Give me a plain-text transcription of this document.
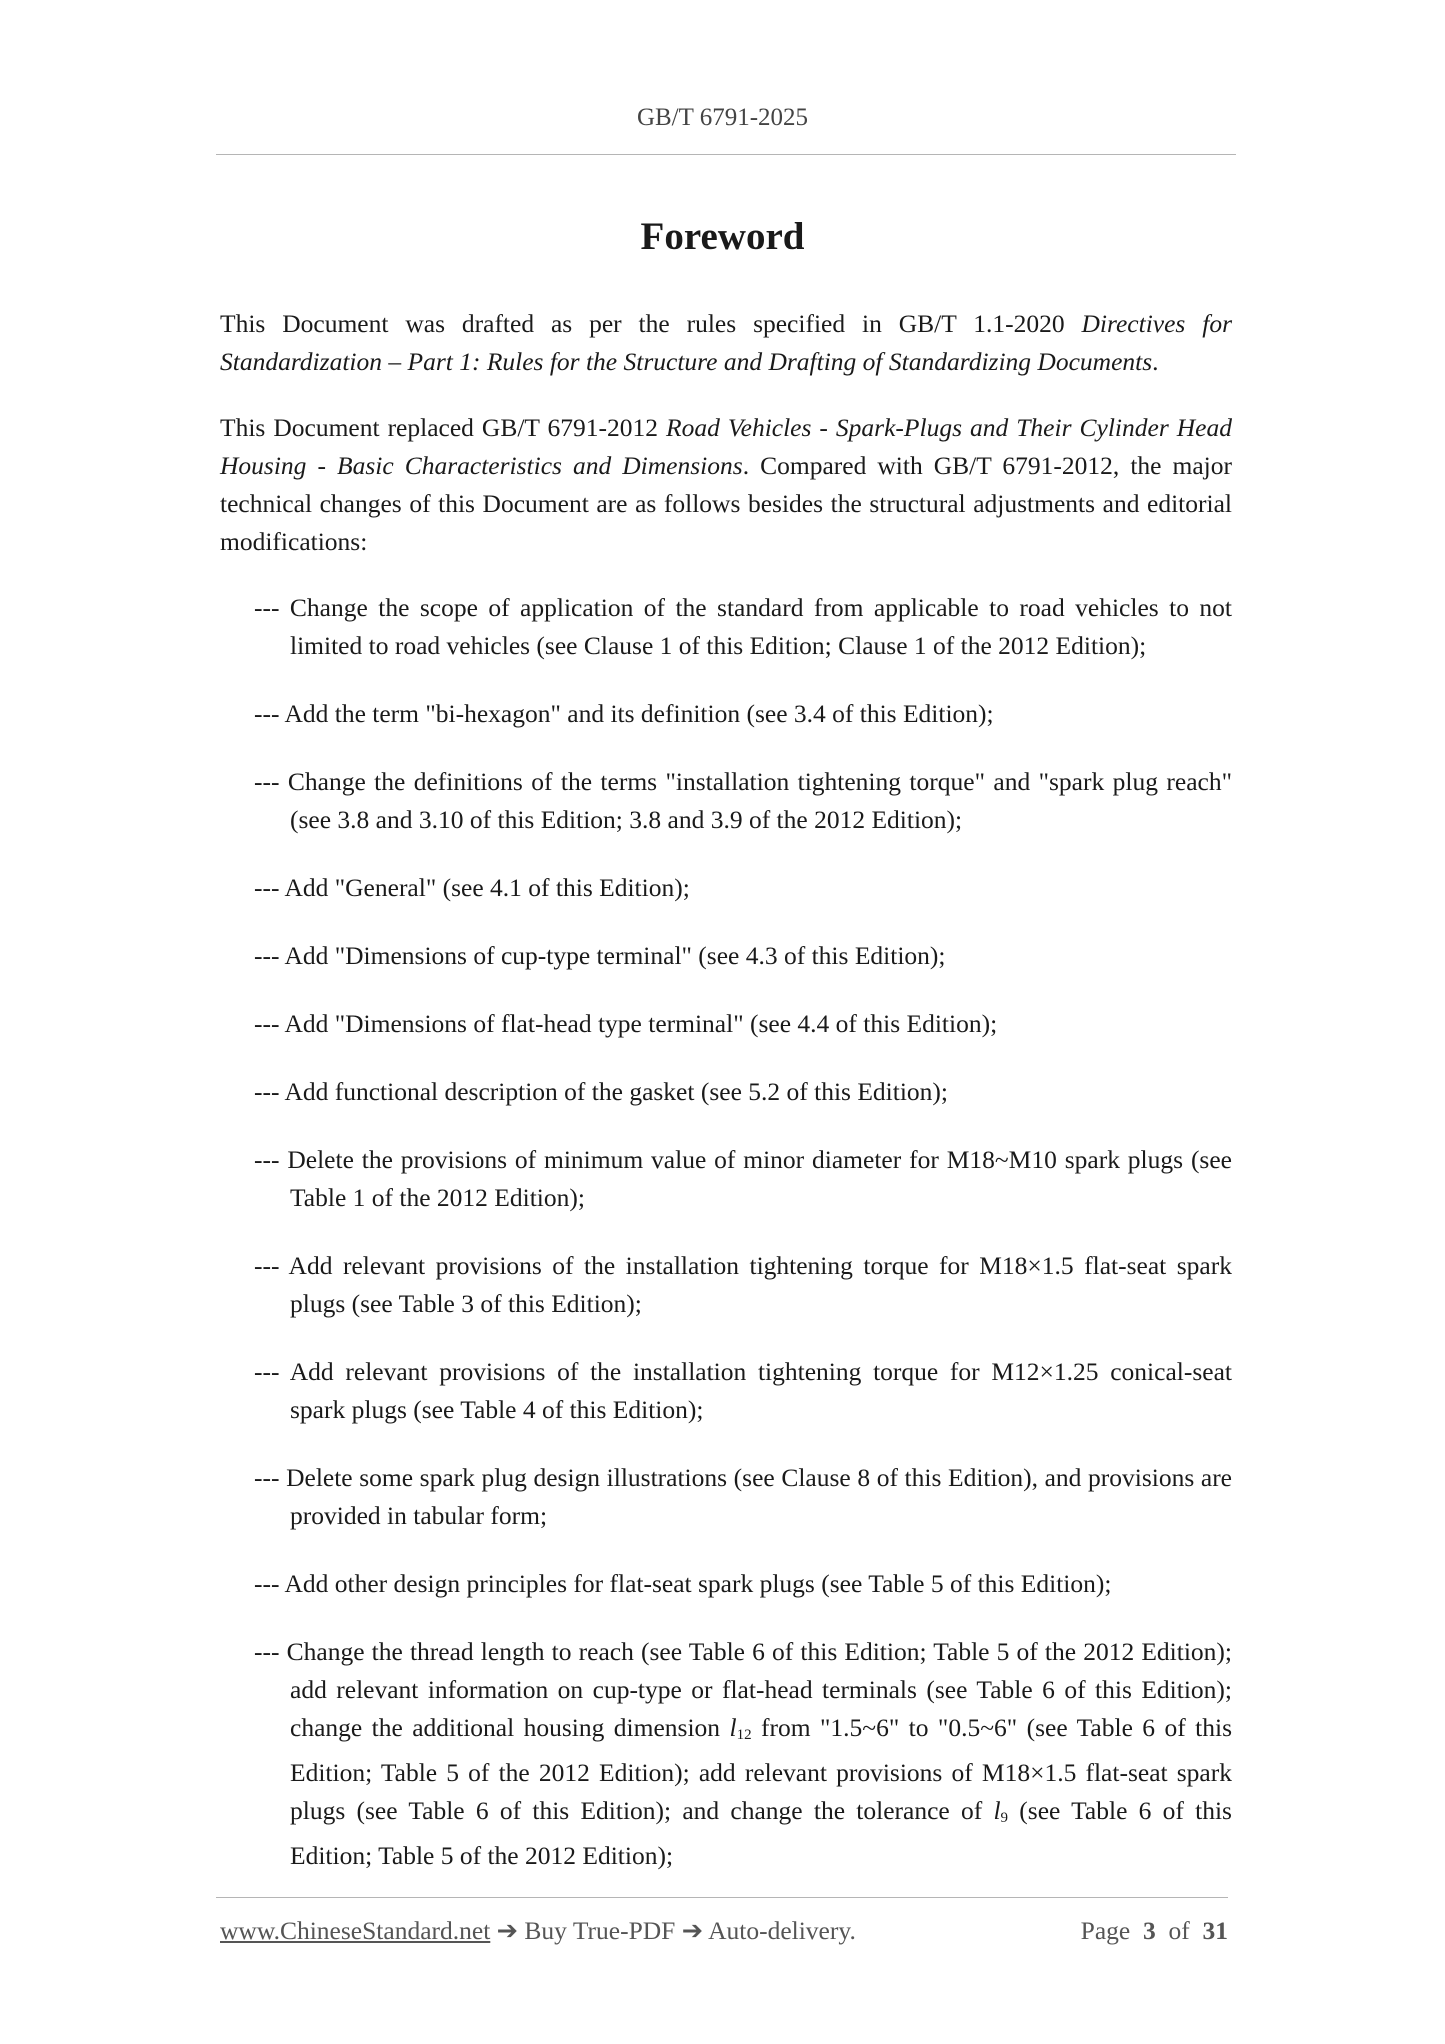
GB/T 6791-2025
Foreword

This Document was drafted as per the rules specified in GB/T 1.1-2020 Directives for Standardization – Part 1: Rules for the Structure and Drafting of Standardizing Documents.

This Document replaced GB/T 6791-2012 Road Vehicles - Spark-Plugs and Their Cylinder Head Housing - Basic Characteristics and Dimensions. Compared with GB/T 6791-2012, the major technical changes of this Document are as follows besides the structural adjustments and editorial modifications:

--- Change the scope of application of the standard from applicable to road vehicles to not limited to road vehicles (see Clause 1 of this Edition; Clause 1 of the 2012 Edition);

--- Add the term "bi-hexagon" and its definition (see 3.4 of this Edition);

--- Change the definitions of the terms "installation tightening torque" and "spark plug reach" (see 3.8 and 3.10 of this Edition; 3.8 and 3.9 of the 2012 Edition);

--- Add "General" (see 4.1 of this Edition);

--- Add "Dimensions of cup-type terminal" (see 4.3 of this Edition);

--- Add "Dimensions of flat-head type terminal" (see 4.4 of this Edition);

--- Add functional description of the gasket (see 5.2 of this Edition);

--- Delete the provisions of minimum value of minor diameter for M18~M10 spark plugs (see Table 1 of the 2012 Edition);

--- Add relevant provisions of the installation tightening torque for M18×1.5 flat-seat spark plugs (see Table 3 of this Edition);

--- Add relevant provisions of the installation tightening torque for M12×1.25 conical-seat spark plugs (see Table 4 of this Edition);

--- Delete some spark plug design illustrations (see Clause 8 of this Edition), and provisions are provided in tabular form;

--- Add other design principles for flat-seat spark plugs (see Table 5 of this Edition);

--- Change the thread length to reach (see Table 6 of this Edition; Table 5 of the 2012 Edition); add relevant information on cup-type or flat-head terminals (see Table 6 of this Edition); change the additional housing dimension $l_{12}$ from "1.5~6" to "0.5~6" (see Table 6 of this Edition; Table 5 of the 2012 Edition); add relevant provisions of M18×1.5 flat-seat spark plugs (see Table 6 of this Edition); and change the tolerance of $l_9$ (see Table 6 of this Edition; Table 5 of the 2012 Edition);

www.ChineseStandard.net ➔ Buy True-PDF ➔ Auto-delivery.	Page 3 of 31
